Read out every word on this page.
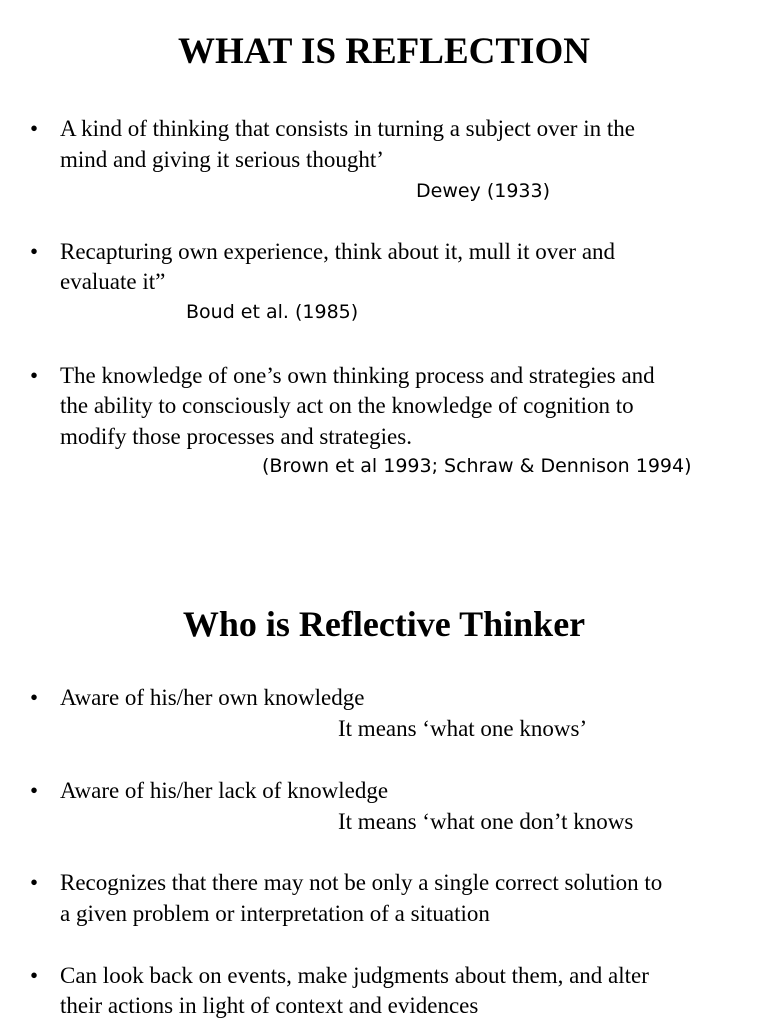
WHAT IS REFLECTION
• A kind of thinking that consists in turning a subject over in the
mind and giving it serious thought’
Dewey (1933)
• Recapturing own experience, think about it, mull it over and
evaluate it”
Boud et al. (1985)
• The knowledge of one’s own thinking process and strategies and
the ability to consciously act on the knowledge of cognition to
modify those processes and strategies.
(Brown et al 1993; Schraw & Dennison 1994)
Who is Reflective Thinker
• Aware of his/her own knowledge
It means ‘what one knows’
• Aware of his/her lack of knowledge
It means ‘what one don’t knows
• Recognizes that there may not be only a single correct solution to
a given problem or interpretation of a situation
• Can look back on events, make judgments about them, and alter
their actions in light of context and evidences
